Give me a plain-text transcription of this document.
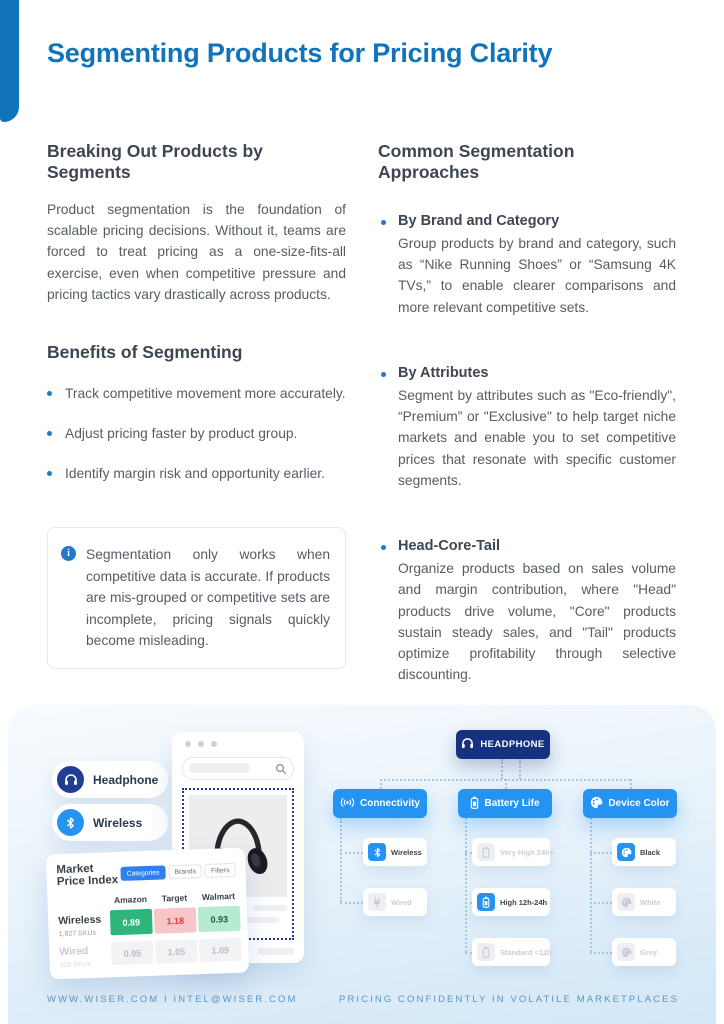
Segmenting Products for Pricing Clarity
Breaking Out Products by Segments

Product segmentation is the foundation of scalable pricing decisions. Without it, teams are forced to treat pricing as a one-size-fits-all exercise, even when competitive pressure and pricing tactics vary drastically across products.

Benefits of Segmenting
Track competitive movement more accurately.
Adjust pricing faster by product group.
Identify margin risk and opportunity earlier.
i	Segmentation only works when competitive data is accurate. If products are mis-grouped or competitive sets are incomplete, pricing signals quickly become misleading.

Common Segmentation Approaches
By Brand and Category

Group products by brand and category, such as “Nike Running Shoes” or “Samsung 4K TVs,” to enable clearer comparisons and more relevant competitive sets.

By Attributes

Segment by attributes such as "Eco-friendly", “Premium” or "Exclusive" to help target niche markets and enable you to set competitive prices that resonate with specific customer segments.

Head-Core-Tail

Organize products based on sales volume and margin contribution, where "Head" products drive volume, "Core" products sustain steady sales, and "Tail" products optimize profitability through selective discounting.

Headphone
Wireless
Market Price Index
Categories	Brands	Filters
Amazon	Target	Walmart
Wireless
1,827 SKUs
0.89	1.18	0.93
Wired
328 SKUs
0.95	1.05	1.09
HEADPHONE
Connectivity	Battery Life	Device Color
Wireless
Wired
Very High 24h+
High 12h-24h
Standard <12h
Black
White
Grey
WWW.WISER.COM I INTEL@WISER.COM	PRICING CONFIDENTLY IN VOLATILE MARKETPLACES
